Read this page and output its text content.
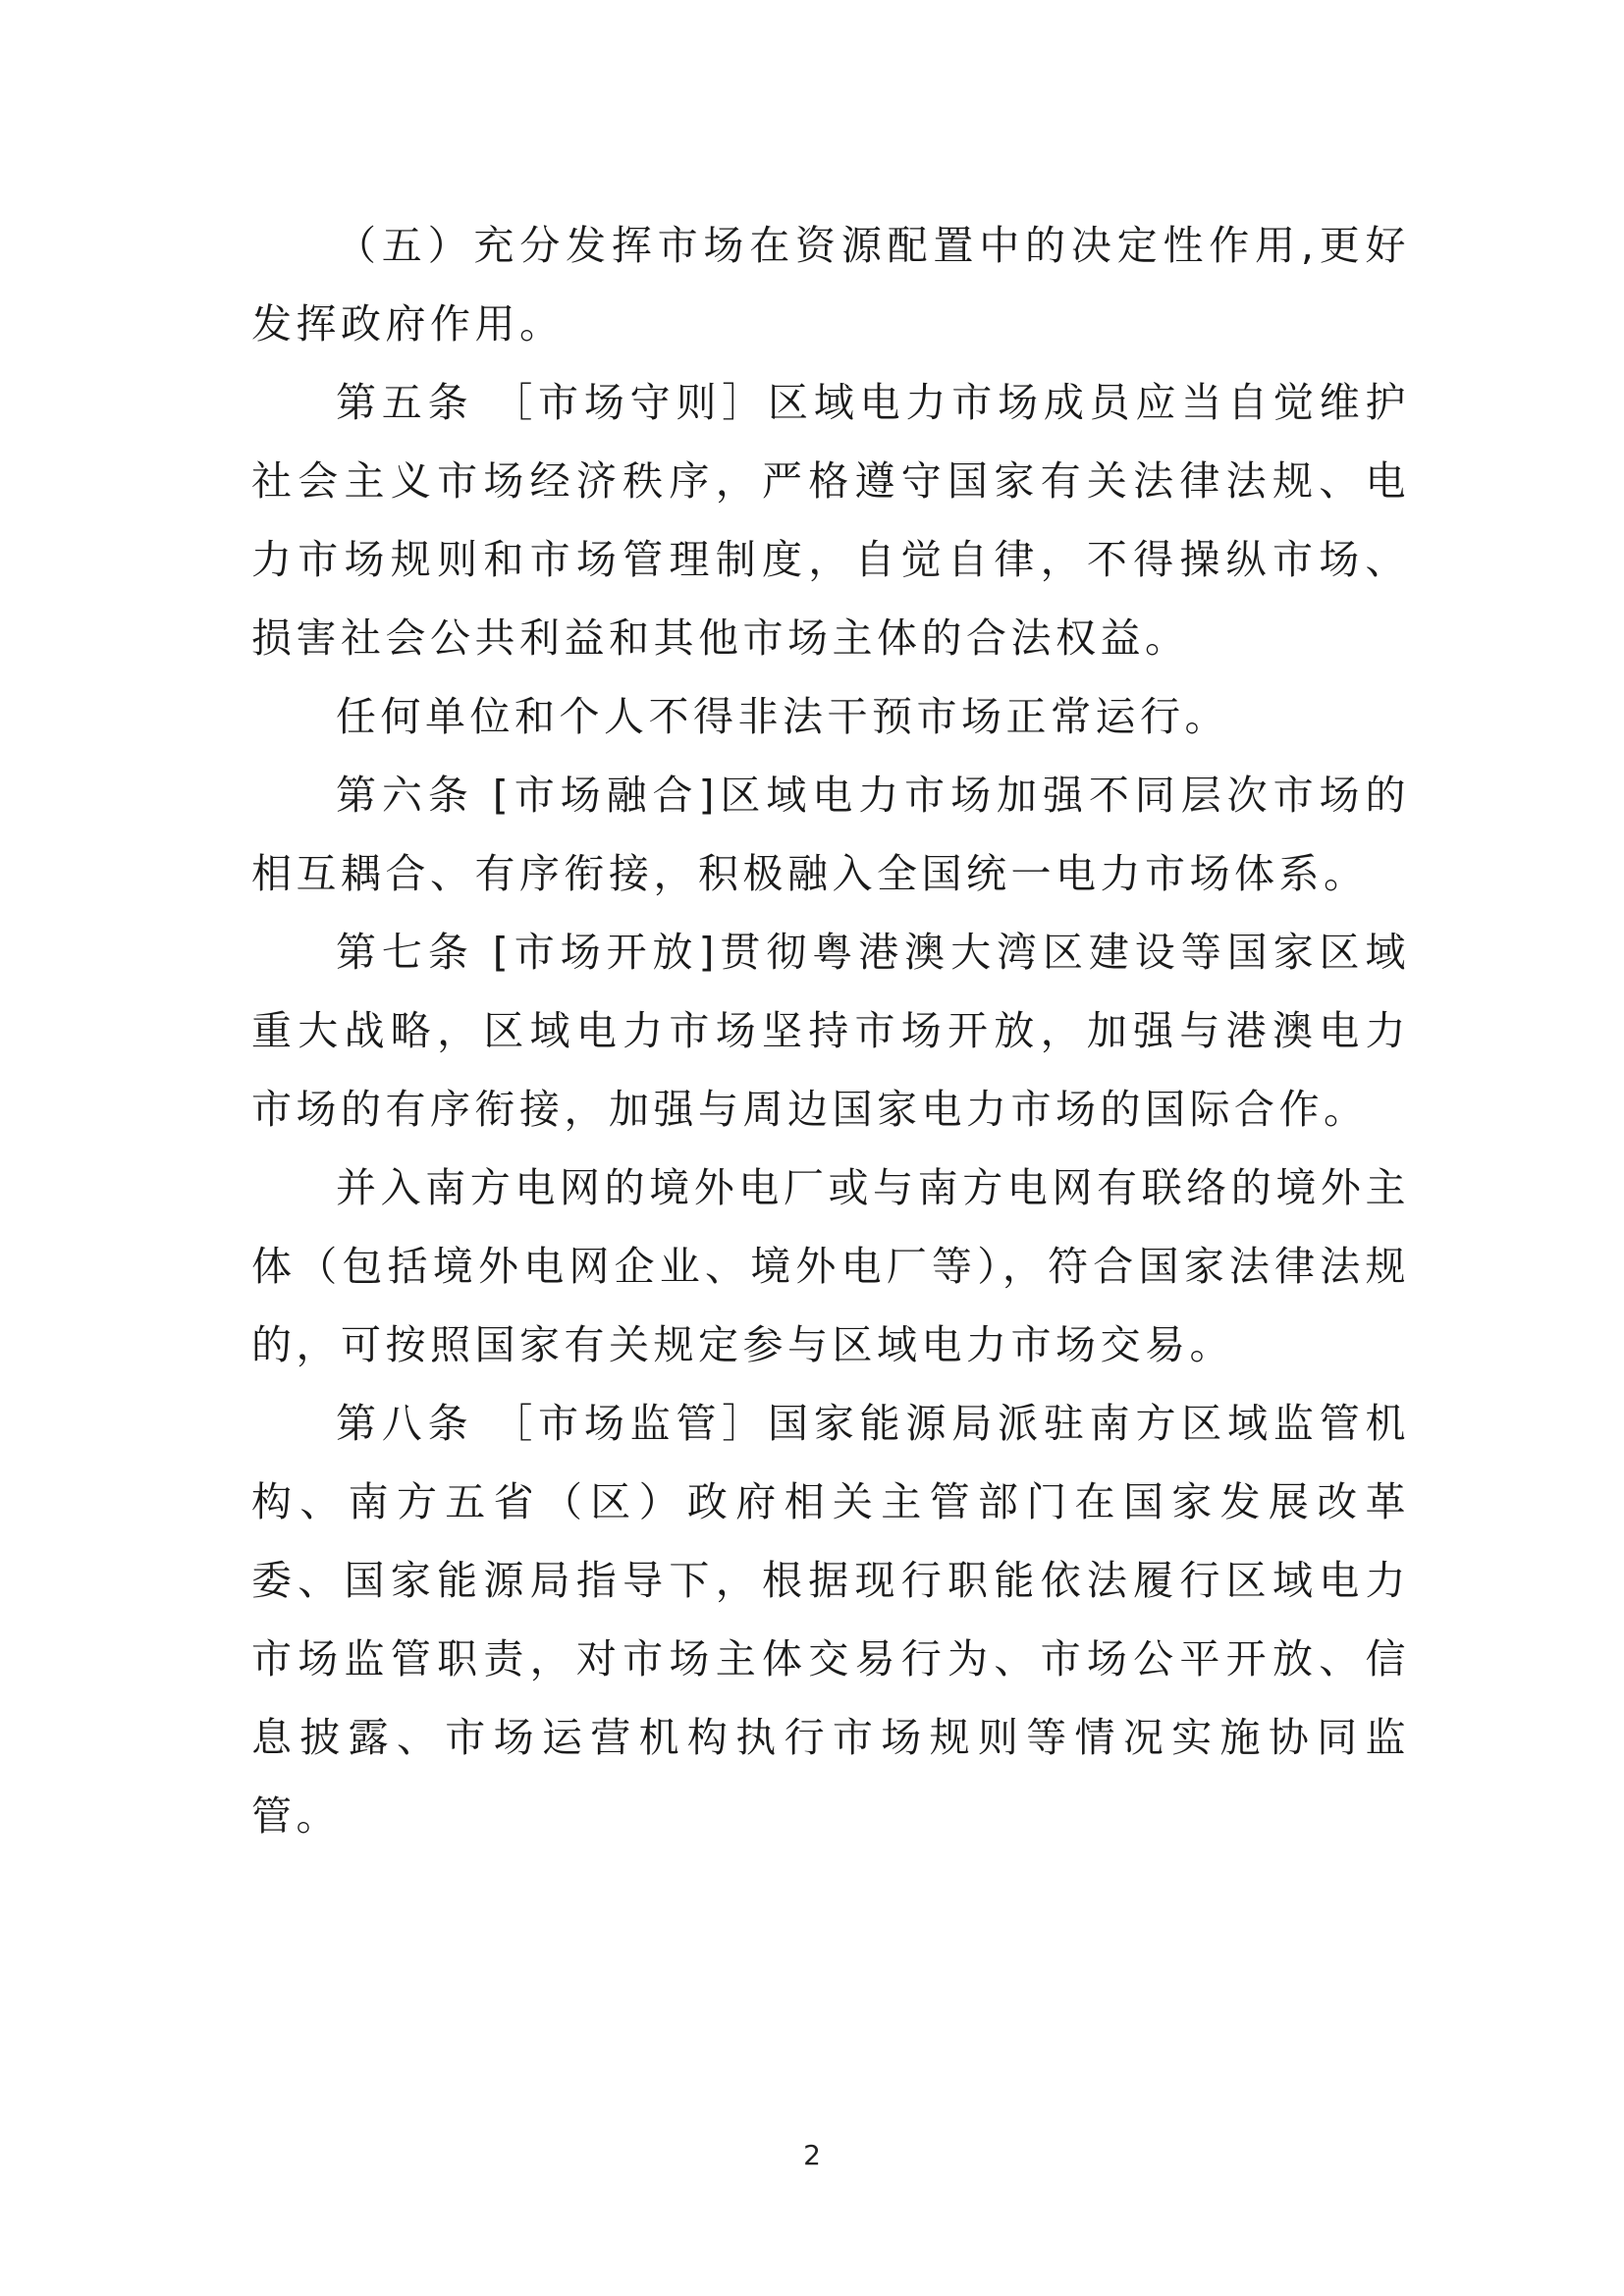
（五）充分发挥市场在资源配置中的决定性作用,更好发挥政府作用。

第五条 ［市场守则］区域电力市场成员应当自觉维护社会主义市场经济秩序，严格遵守国家有关法律法规、电力市场规则和市场管理制度，自觉自律，不得操纵市场、损害社会公共利益和其他市场主体的合法权益。

任何单位和个人不得非法干预市场正常运行。

第六条 [市场融合]区域电力市场加强不同层次市场的相互耦合、有序衔接，积极融入全国统一电力市场体系。

第七条 [市场开放]贯彻粤港澳大湾区建设等国家区域重大战略，区域电力市场坚持市场开放，加强与港澳电力市场的有序衔接，加强与周边国家电力市场的国际合作。

并入南方电网的境外电厂或与南方电网有联络的境外主体（包括境外电网企业、境外电厂等），符合国家法律法规的，可按照国家有关规定参与区域电力市场交易。

第八条 ［市场监管］国家能源局派驻南方区域监管机构、南方五省（区）政府相关主管部门在国家发展改革委、国家能源局指导下，根据现行职能依法履行区域电力市场监管职责，对市场主体交易行为、市场公平开放、信息披露、市场运营机构执行市场规则等情况实施协同监管。

2
